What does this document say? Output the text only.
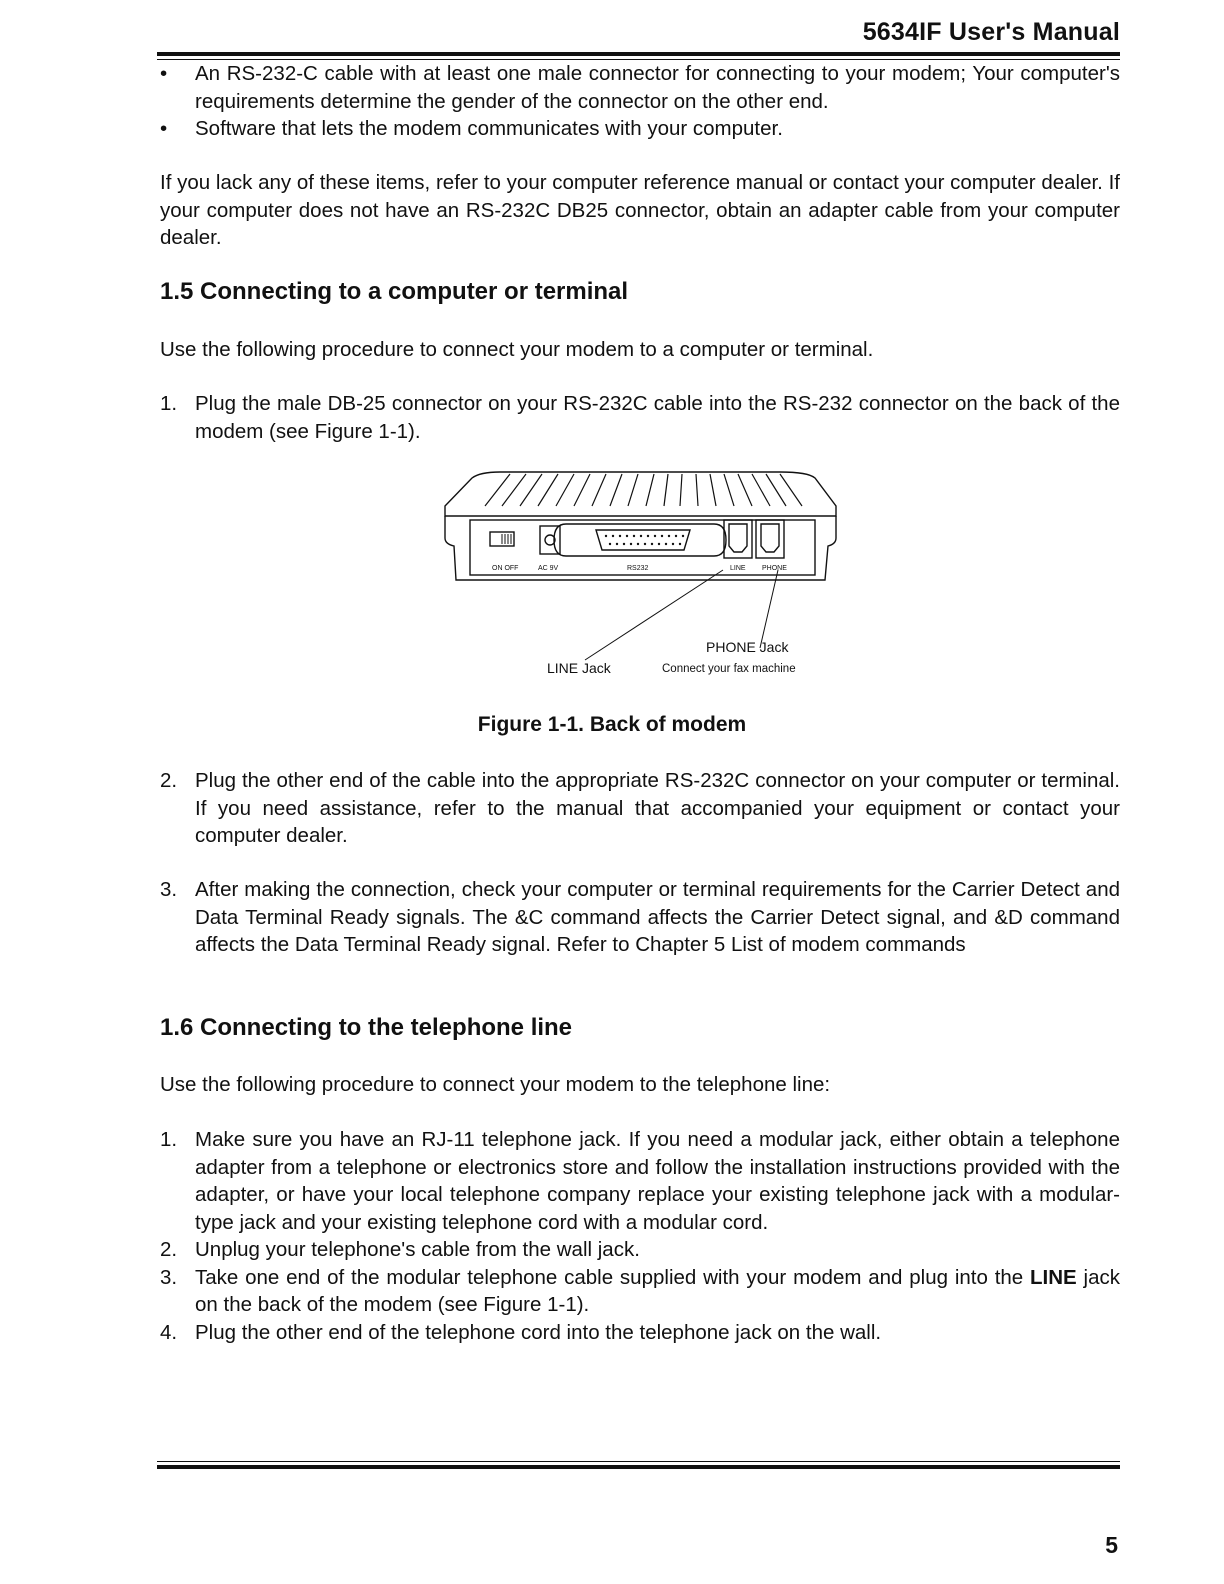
5634IF User's Manual
• An RS-232-C cable with at least one male connector for connecting to your modem; Your computer's requirements determine the gender of the connector on the other end.
• Software that lets the modem communicates with your computer.
If you lack any of these items, refer to your computer reference manual or contact your computer dealer. If your computer does not have an RS-232C DB25 connector, obtain an adapter cable from your computer dealer.
1.5 Connecting to a computer or terminal
Use the following procedure to connect your modem to a computer or terminal.
1. Plug the male DB-25 connector on your RS-232C cable into the RS-232 connector on the back of the modem (see Figure 1-1).
ON OFF	AC 9V	RS232	LINE PHONE
PHONE Jack
Connect your fax machine
LINE Jack
Figure 1-1. Back of modem
2. Plug the other end of the cable into the appropriate RS-232C connector on your computer or terminal. If you need assistance, refer to the manual that accompanied your equipment or contact your computer dealer.
3. After making the connection, check your computer or terminal requirements for the Carrier Detect and Data Terminal Ready signals. The &C command affects the Carrier Detect signal, and &D command affects the Data Terminal Ready signal. Refer to Chapter 5 List of modem commands
1.6 Connecting to the telephone line
Use the following procedure to connect your modem to the telephone line:
1. Make sure you have an RJ-11 telephone jack. If you need a modular jack, either obtain a telephone adapter from a telephone or electronics store and follow the installation instructions provided with the adapter, or have your local telephone company replace your existing telephone jack with a modular-type jack and your existing telephone cord with a modular cord.
2. Unplug your telephone's cable from the wall jack.
3. Take one end of the modular telephone cable supplied with your modem and plug into the LINE jack on the back of the modem (see Figure 1-1).
4. Plug the other end of the telephone cord into the telephone jack on the wall.
5
